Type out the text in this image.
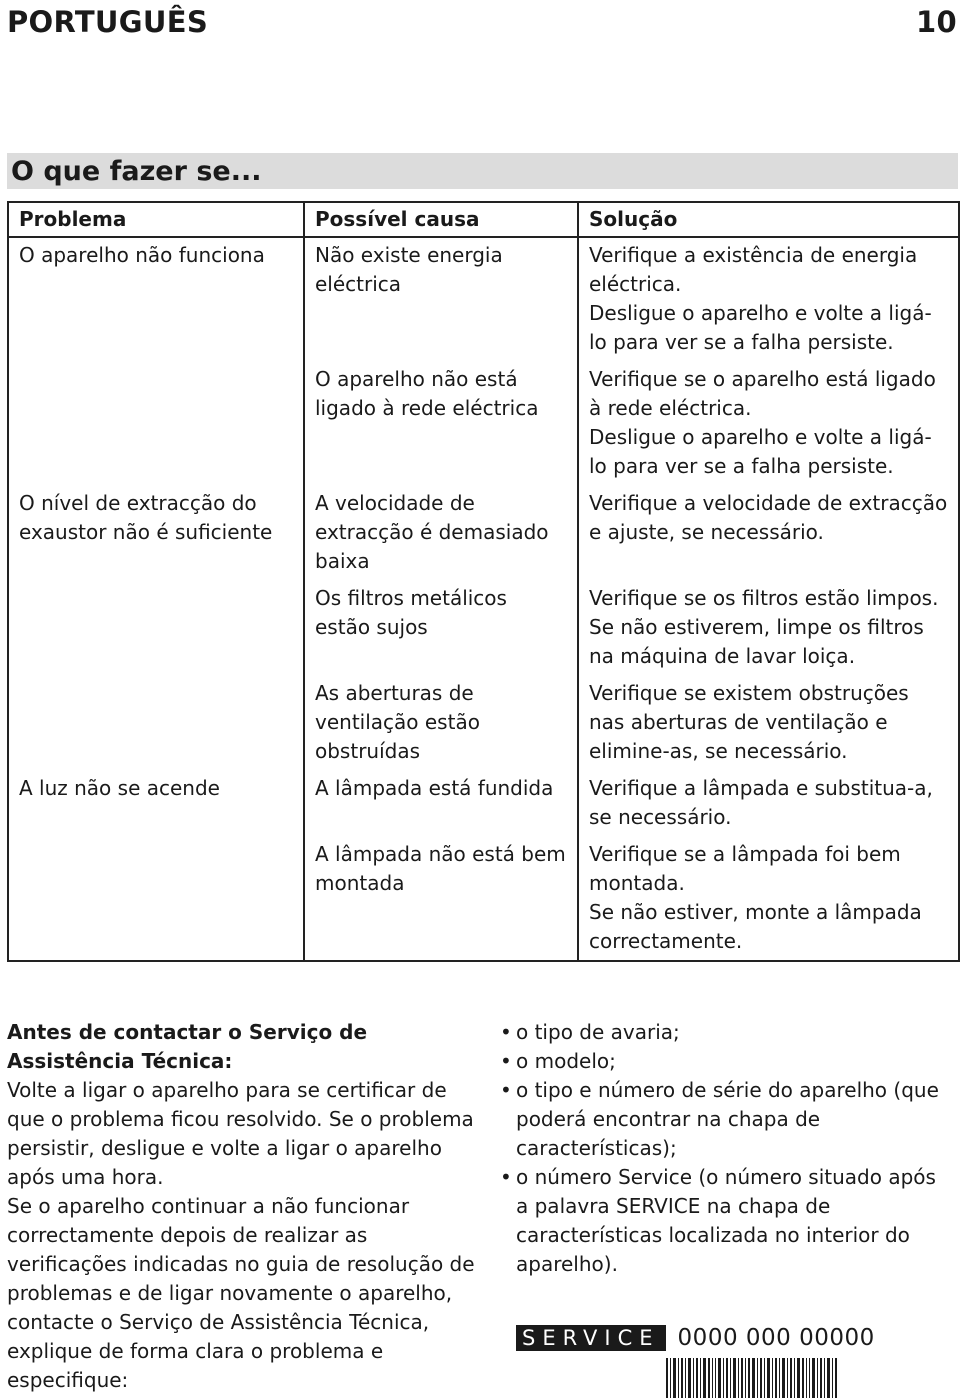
PORTUGUÊS	10
O que fazer se...
Problema	Possível causa	Solução
O aparelho não funciona	Não existe energia eléctrica	Verifique a existência de energia eléctrica.
Desligue o aparelho e volte a ligá-lo para ver se a falha persiste.

	O aparelho não está ligado à rede eléctrica	Verifique se o aparelho está ligado à rede eléctrica.
Desligue o aparelho e volte a ligá-lo para ver se a falha persiste.

O nível de extracção do exaustor não é suficiente	A velocidade de extracção é demasiado baixa	Verifique a velocidade de extracção e ajuste, se necessário.

	Os filtros metálicos estão sujos	Verifique se os filtros estão limpos.
Se não estiverem, limpe os filtros na máquina de lavar loiça.

	As aberturas de ventilação estão obstruídas	Verifique se existem obstruções nas aberturas de ventilação e elimine-as, se necessário.

A luz não se acende	A lâmpada está fundida	Verifique a lâmpada e substitua-a, se necessário.

	A lâmpada não está bem montada	Verifique se a lâmpada foi bem montada.
Se não estiver, monte a lâmpada correctamente.
Antes de contactar o Serviço de Assistência Técnica:
Volte a ligar o aparelho para se certificar de que o problema ficou resolvido. Se o problema persistir, desligue e volte a ligar o aparelho após uma hora.
Se o aparelho continuar a não funcionar correctamente depois de realizar as verificações indicadas no guia de resolução de problemas e de ligar novamente o aparelho, contacte o Serviço de Assistência Técnica, explique de forma clara o problema e especifique:
• o tipo de avaria;
• o modelo;
• o tipo e número de série do aparelho (que poderá encontrar na chapa de características);
• o número Service (o número situado após a palavra SERVICE na chapa de características localizada no interior do aparelho).
SERVICE 0000 000 00000
